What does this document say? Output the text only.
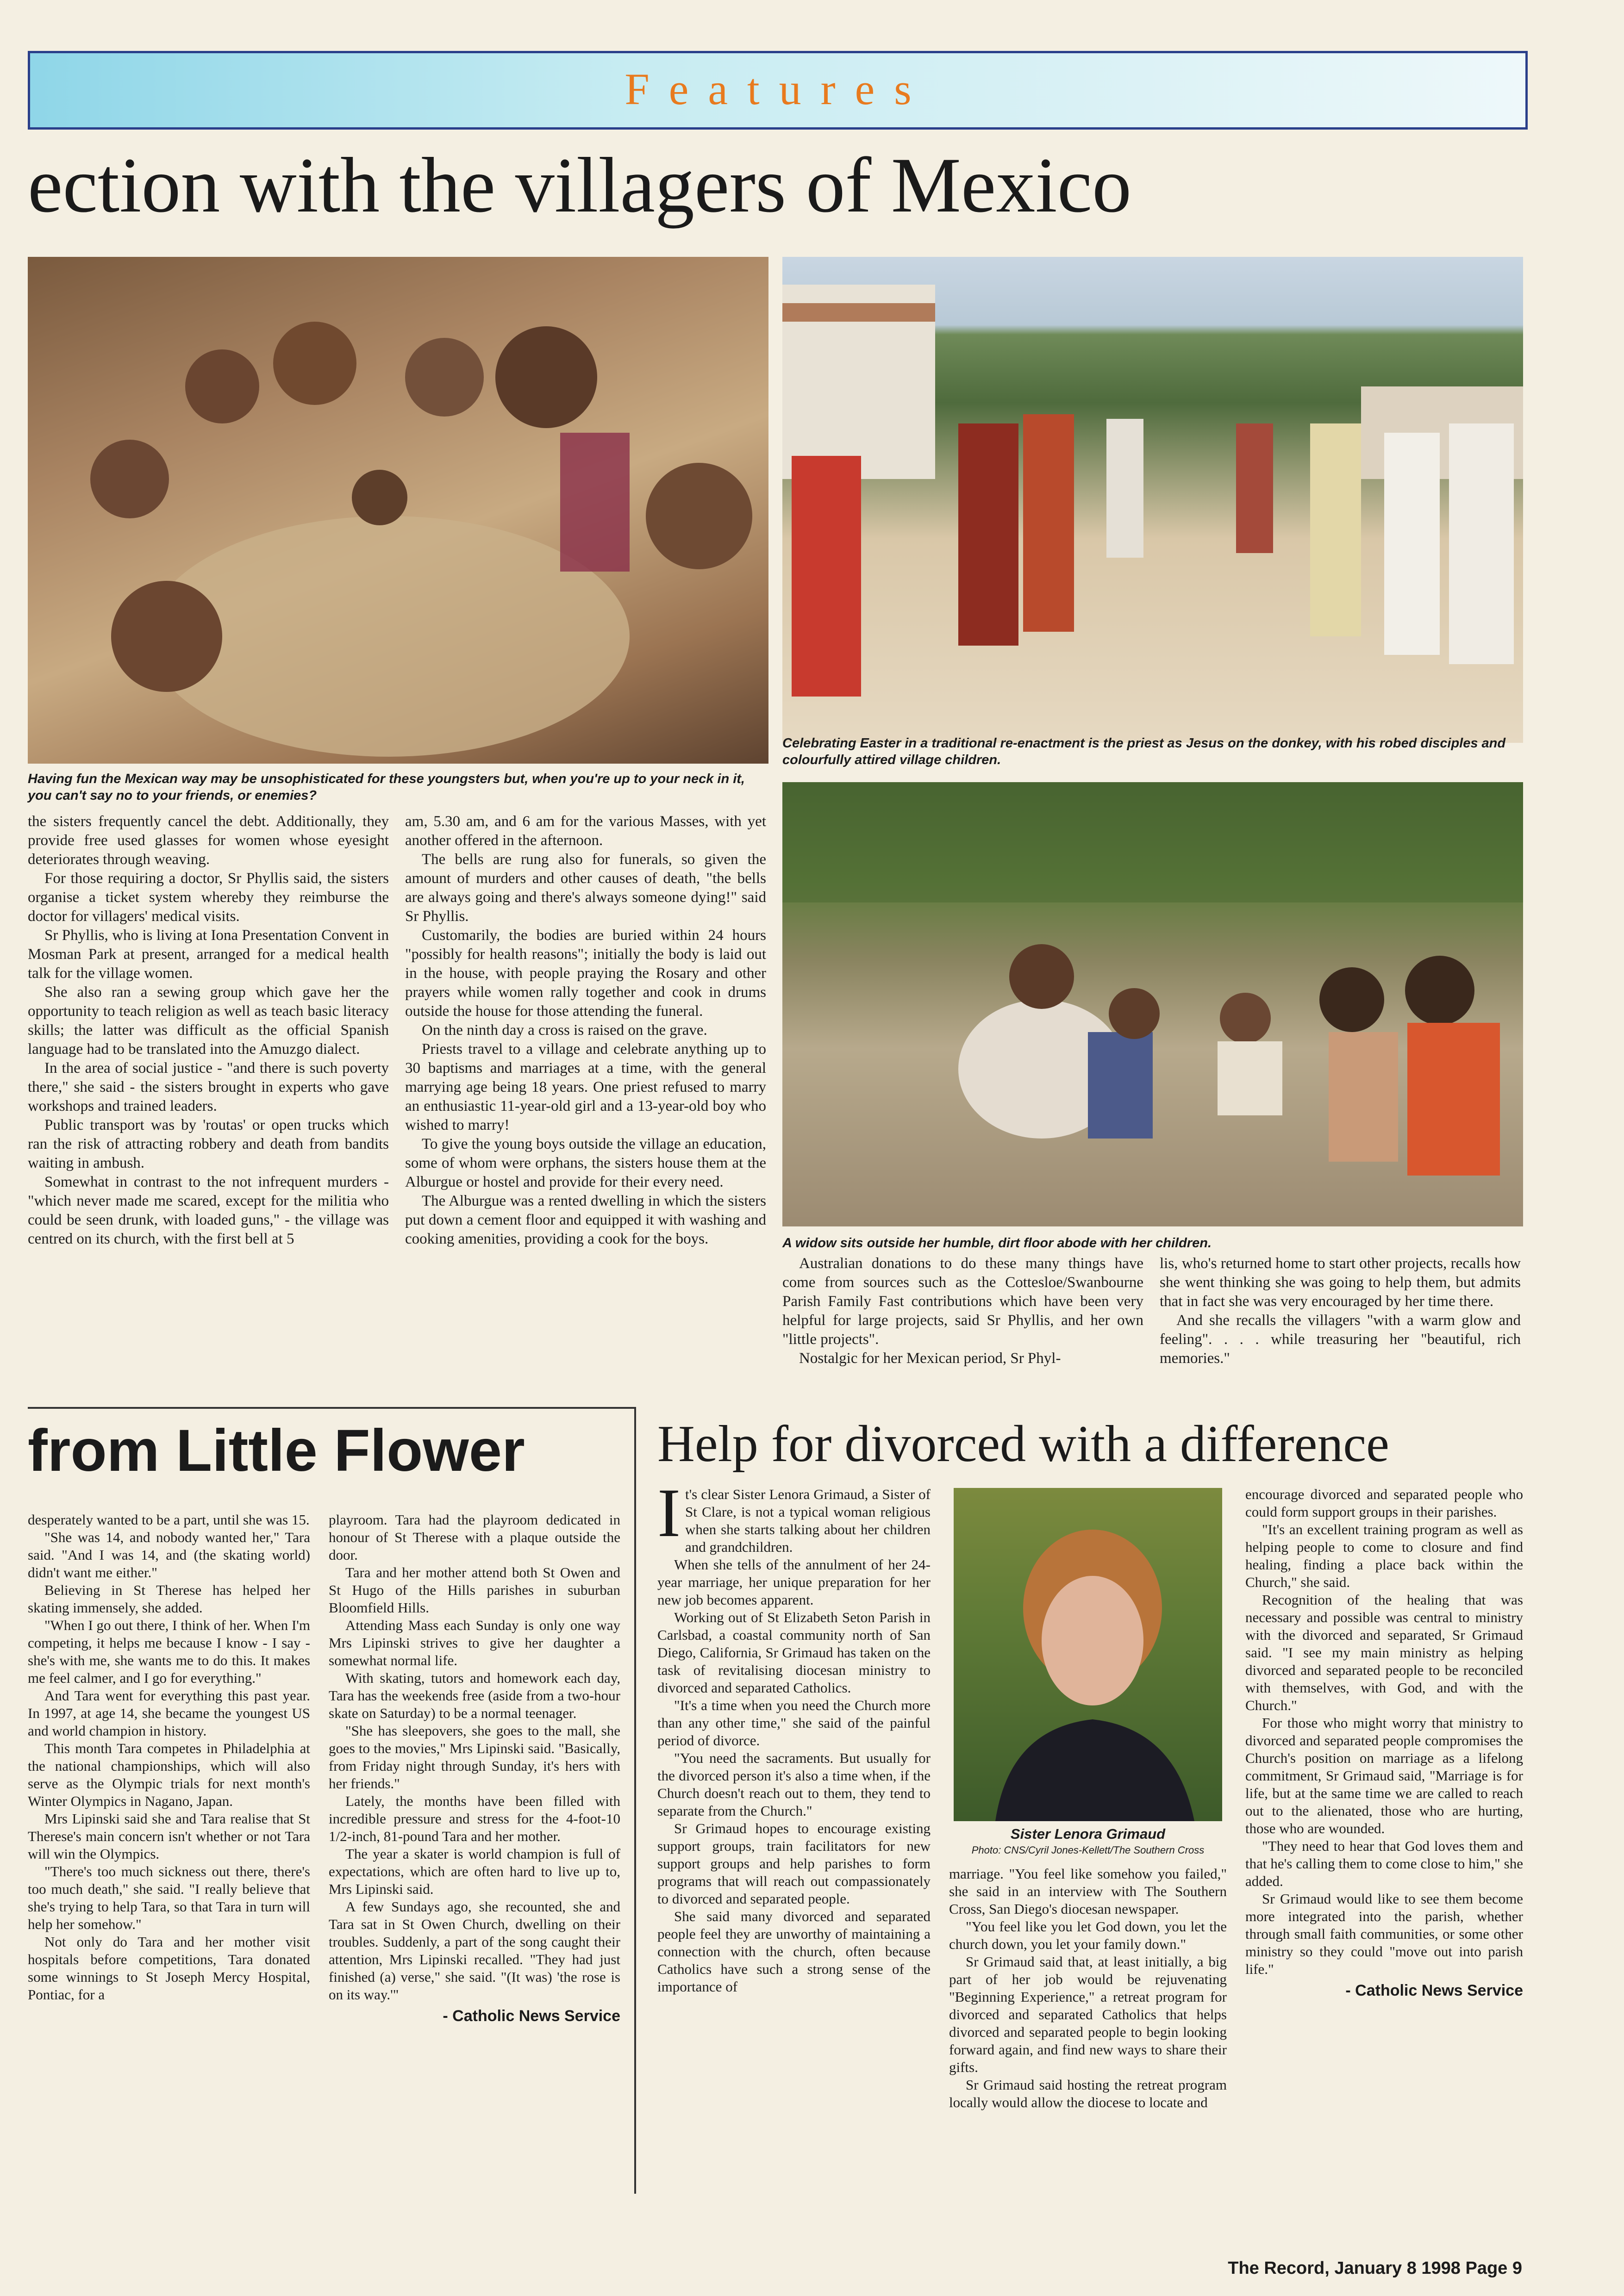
Features
ection with the villagers of Mexico
Having fun the Mexican way may be unsophisticated for these youngsters but, when you're up to your neck in it, you can't say no to your friends, or enemies?
Celebrating Easter in a traditional re-enactment is the priest as Jesus on the donkey, with his robed disciples and colourfully attired village children.
A widow sits outside her humble, dirt floor abode with her children.

the sisters frequently cancel the debt. Additionally, they provide free used glasses for women whose eyesight deteriorates through weaving.

For those requiring a doctor, Sr Phyllis said, the sisters organise a ticket system whereby they reimburse the doctor for villagers' medical visits.

Sr Phyllis, who is living at Iona Presentation Convent in Mosman Park at present, arranged for a medical health talk for the village women.

She also ran a sewing group which gave her the opportunity to teach religion as well as teach basic literacy skills; the latter was difficult as the official Spanish language had to be translated into the Amuzgo dialect.

In the area of social justice - "and there is such poverty there," she said - the sisters brought in experts who gave workshops and trained leaders.

Public transport was by 'routas' or open trucks which ran the risk of attracting robbery and death from bandits waiting in ambush.

Somewhat in contrast to the not infrequent murders - "which never made me scared, except for the militia who could be seen drunk, with loaded guns," - the village was centred on its church, with the first bell at 5

am, 5.30 am, and 6 am for the various Masses, with yet another offered in the afternoon.

The bells are rung also for funerals, so given the amount of murders and other causes of death, "the bells are always going and there's always someone dying!" said Sr Phyllis.

Customarily, the bodies are buried within 24 hours "possibly for health reasons"; initially the body is laid out in the house, with people praying the Rosary and other prayers while women rally together and cook in drums outside the house for those attending the funeral.

On the ninth day a cross is raised on the grave.

Priests travel to a village and celebrate anything up to 30 baptisms and marriages at a time, with the general marrying age being 18 years. One priest refused to marry an enthusiastic 11-year-old girl and a 13-year-old boy who wished to marry!

To give the young boys outside the village an education, some of whom were orphans, the sisters house them at the Alburgue or hostel and provide for their every need.

The Alburgue was a rented dwelling in which the sisters put down a cement floor and equipped it with washing and cooking amenities, providing a cook for the boys.

Australian donations to do these many things have come from sources such as the Cottesloe/Swanbourne Parish Family Fast contributions which have been very helpful for large projects, said Sr Phyllis, and her own "little projects".

Nostalgic for her Mexican period, Sr Phyl-

lis, who's returned home to start other projects, recalls how she went thinking she was going to help them, but admits that in fact she was very encouraged by her time there.

And she recalls the villagers "with a warm glow and feeling". . . . while treasuring her "beautiful, rich memories."

from Little Flower

desperately wanted to be a part, until she was 15.

"She was 14, and nobody wanted her," Tara said. "And I was 14, and (the skating world) didn't want me either."

Believing in St Therese has helped her skating immensely, she added.

"When I go out there, I think of her. When I'm competing, it helps me because I know - I say - she's with me, she wants me to do this. It makes me feel calmer, and I go for everything."

And Tara went for everything this past year. In 1997, at age 14, she became the youngest US and world champion in history.

This month Tara competes in Philadelphia at the national championships, which will also serve as the Olympic trials for next month's Winter Olympics in Nagano, Japan.

Mrs Lipinski said she and Tara realise that St Therese's main concern isn't whether or not Tara will win the Olympics.

"There's too much sickness out there, there's too much death," she said. "I really believe that she's trying to help Tara, so that Tara in turn will help her somehow."

Not only do Tara and her mother visit hospitals before competitions, Tara donated some winnings to St Joseph Mercy Hospital, Pontiac, for a

playroom. Tara had the playroom dedicated in honour of St Therese with a plaque outside the door.

Tara and her mother attend both St Owen and St Hugo of the Hills parishes in suburban Bloomfield Hills.

Attending Mass each Sunday is only one way Mrs Lipinski strives to give her daughter a somewhat normal life.

With skating, tutors and homework each day, Tara has the weekends free (aside from a two-hour skate on Saturday) to be a normal teenager.

"She has sleepovers, she goes to the mall, she goes to the movies," Mrs Lipinski said. "Basically, from Friday night through Sunday, it's hers with her friends."

Lately, the months have been filled with incredible pressure and stress for the 4-foot-10 1/2-inch, 81-pound Tara and her mother.

The year a skater is world champion is full of expectations, which are often hard to live up to, Mrs Lipinski said.

A few Sundays ago, she recounted, she and Tara sat in St Owen Church, dwelling on their troubles. Suddenly, a part of the song caught their attention, Mrs Lipinski recalled. "They had just finished (a) verse," she said. "(It was) 'the rose is on its way.'"

- Catholic News Service
Help for divorced with a difference

It's clear Sister Lenora Grimaud, a Sister of St Clare, is not a typical woman religious when she starts talking about her children and grandchildren.

When she tells of the annulment of her 24-year marriage, her unique preparation for her new job becomes apparent.

Working out of St Elizabeth Seton Parish in Carlsbad, a coastal community north of San Diego, California, Sr Grimaud has taken on the task of revitalising diocesan ministry to divorced and separated Catholics.

"It's a time when you need the Church more than any other time," she said of the painful period of divorce.

"You need the sacraments. But usually for the divorced person it's also a time when, if the Church doesn't reach out to them, they tend to separate from the Church."

Sr Grimaud hopes to encourage existing support groups, train facilitators for new support groups and help parishes to form programs that will reach out compassionately to divorced and separated people.

She said many divorced and separated people feel they are unworthy of maintaining a connection with the church, often because Catholics have such a strong sense of the importance of

Sister Lenora Grimaud
Photo: CNS/Cyril Jones-Kellett/The Southern Cross

marriage. "You feel like somehow you failed," she said in an interview with The Southern Cross, San Diego's diocesan newspaper.

"You feel like you let God down, you let the church down, you let your family down."

Sr Grimaud said that, at least initially, a big part of her job would be rejuvenating "Beginning Experience," a retreat program for divorced and separated Catholics that helps divorced and separated people to begin looking forward again, and find new ways to share their gifts.

Sr Grimaud said hosting the retreat program locally would allow the diocese to locate and

encourage divorced and separated people who could form support groups in their parishes.

"It's an excellent training program as well as helping people to come to closure and find healing, finding a place back within the Church," she said.

Recognition of the healing that was necessary and possible was central to ministry with the divorced and separated, Sr Grimaud said. "I see my main ministry as helping divorced and separated people to be reconciled with themselves, with God, and with the Church."

For those who might worry that ministry to divorced and separated people compromises the Church's position on marriage as a lifelong commitment, Sr Grimaud said, "Marriage is for life, but at the same time we are called to reach out to the alienated, those who are hurting, those who are wounded.

"They need to hear that God loves them and that he's calling them to come close to him," she added.

Sr Grimaud would like to see them become more integrated into the parish, whether through small faith communities, or some other ministry so they could "move out into parish life."

- Catholic News Service
The Record, January 8 1998 Page 9
